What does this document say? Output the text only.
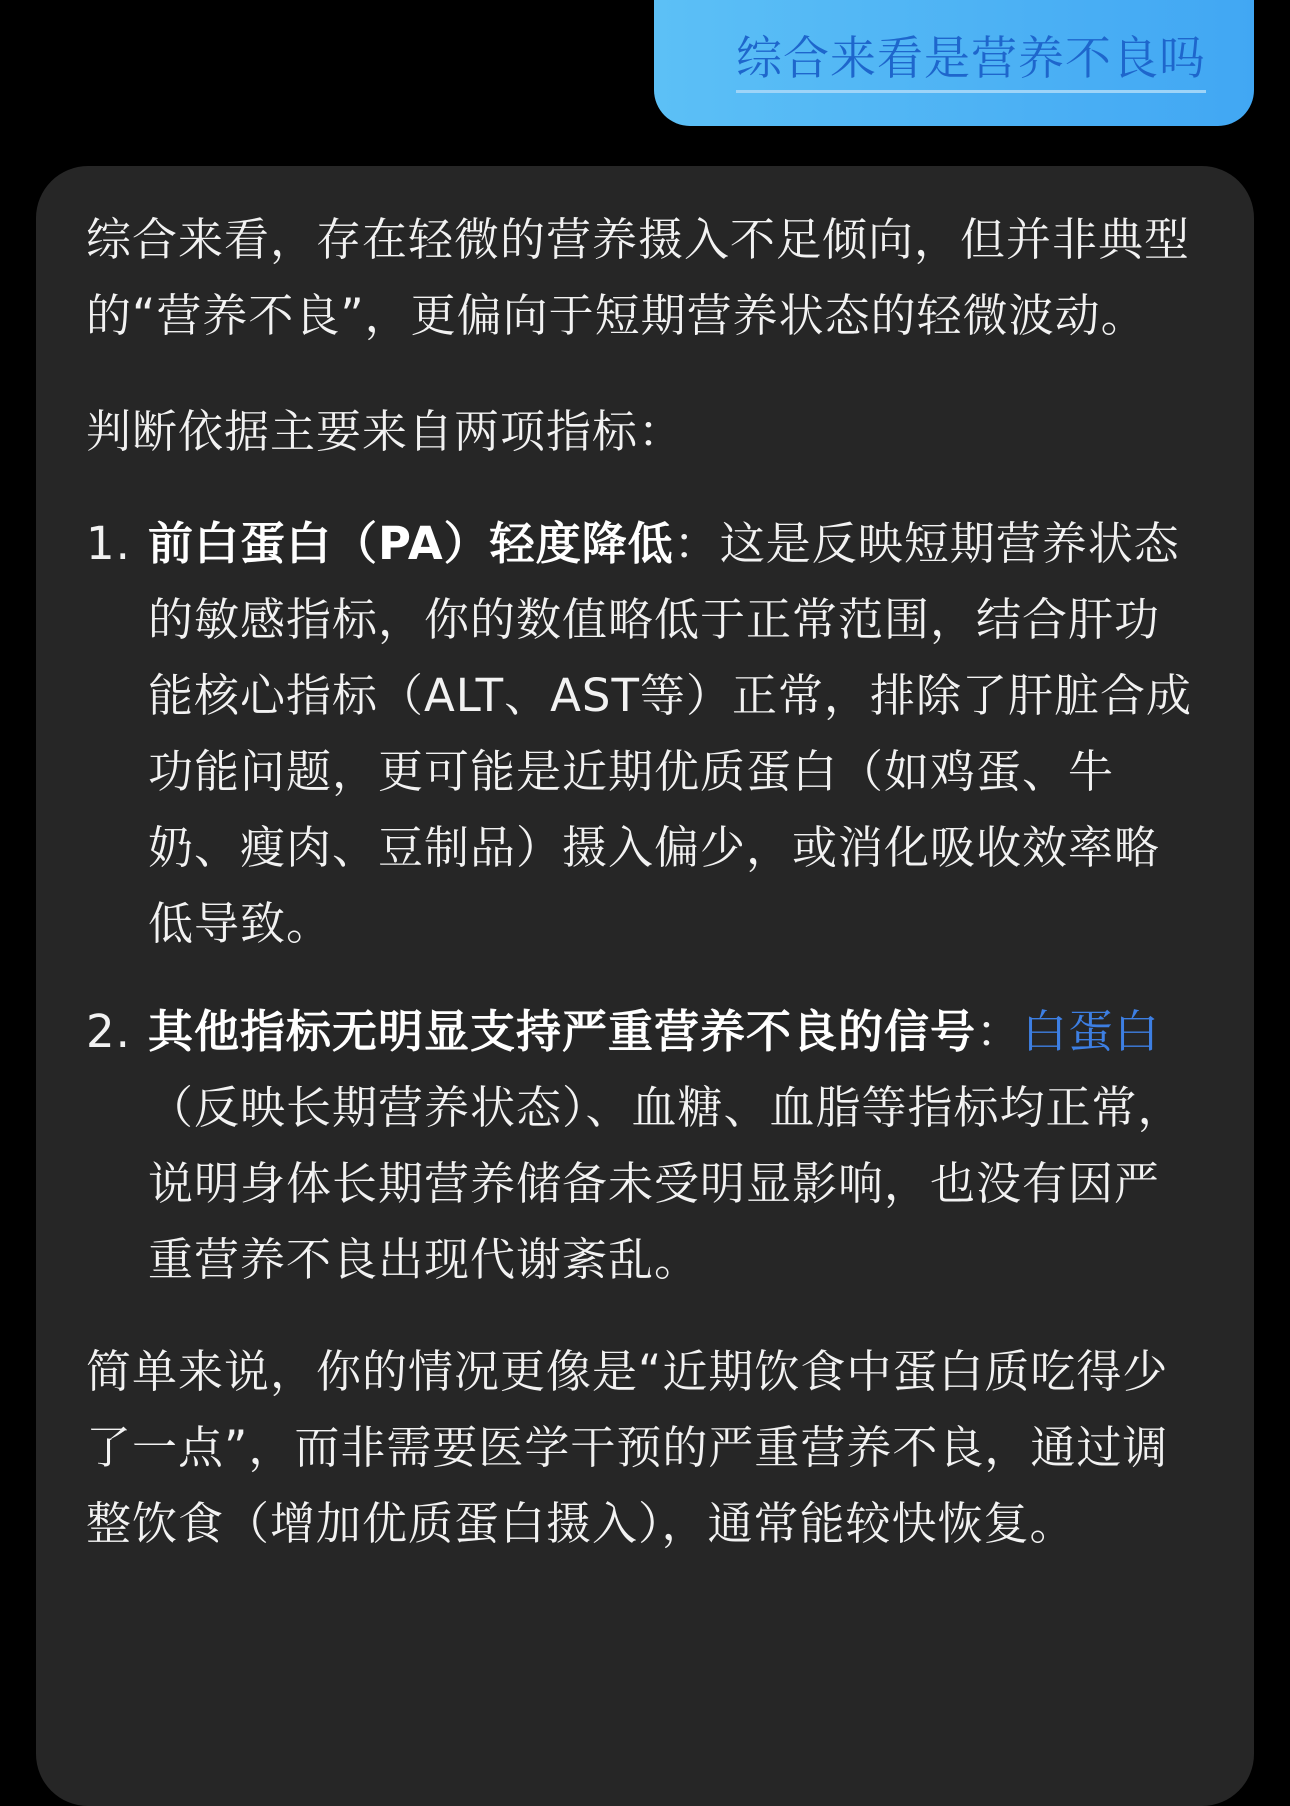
综合来看是营养不良吗

综合来看，存在轻微的营养摄入不足倾向，但并非典型的“营养不良”，更偏向于短期营养状态的轻微波动。

判断依据主要来自两项指标：

1. 前白蛋白（PA）轻度降低：这是反映短期营养状态的敏感指标，你的数值略低于正常范围，结合肝功能核心指标（ALT、AST等）正常，排除了肝脏合成功能问题，更可能是近期优质蛋白（如鸡蛋、牛奶、瘦肉、豆制品）摄入偏少，或消化吸收效率略低导致。
2. 其他指标无明显支持严重营养不良的信号：白蛋白（反映长期营养状态）、血糖、血脂等指标均正常，说明身体长期营养储备未受明显影响，也没有因严重营养不良出现代谢紊乱。

简单来说，你的情况更像是“近期饮食中蛋白质吃得少了一点”，而非需要医学干预的严重营养不良，通过调整饮食（增加优质蛋白摄入），通常能较快恢复。
